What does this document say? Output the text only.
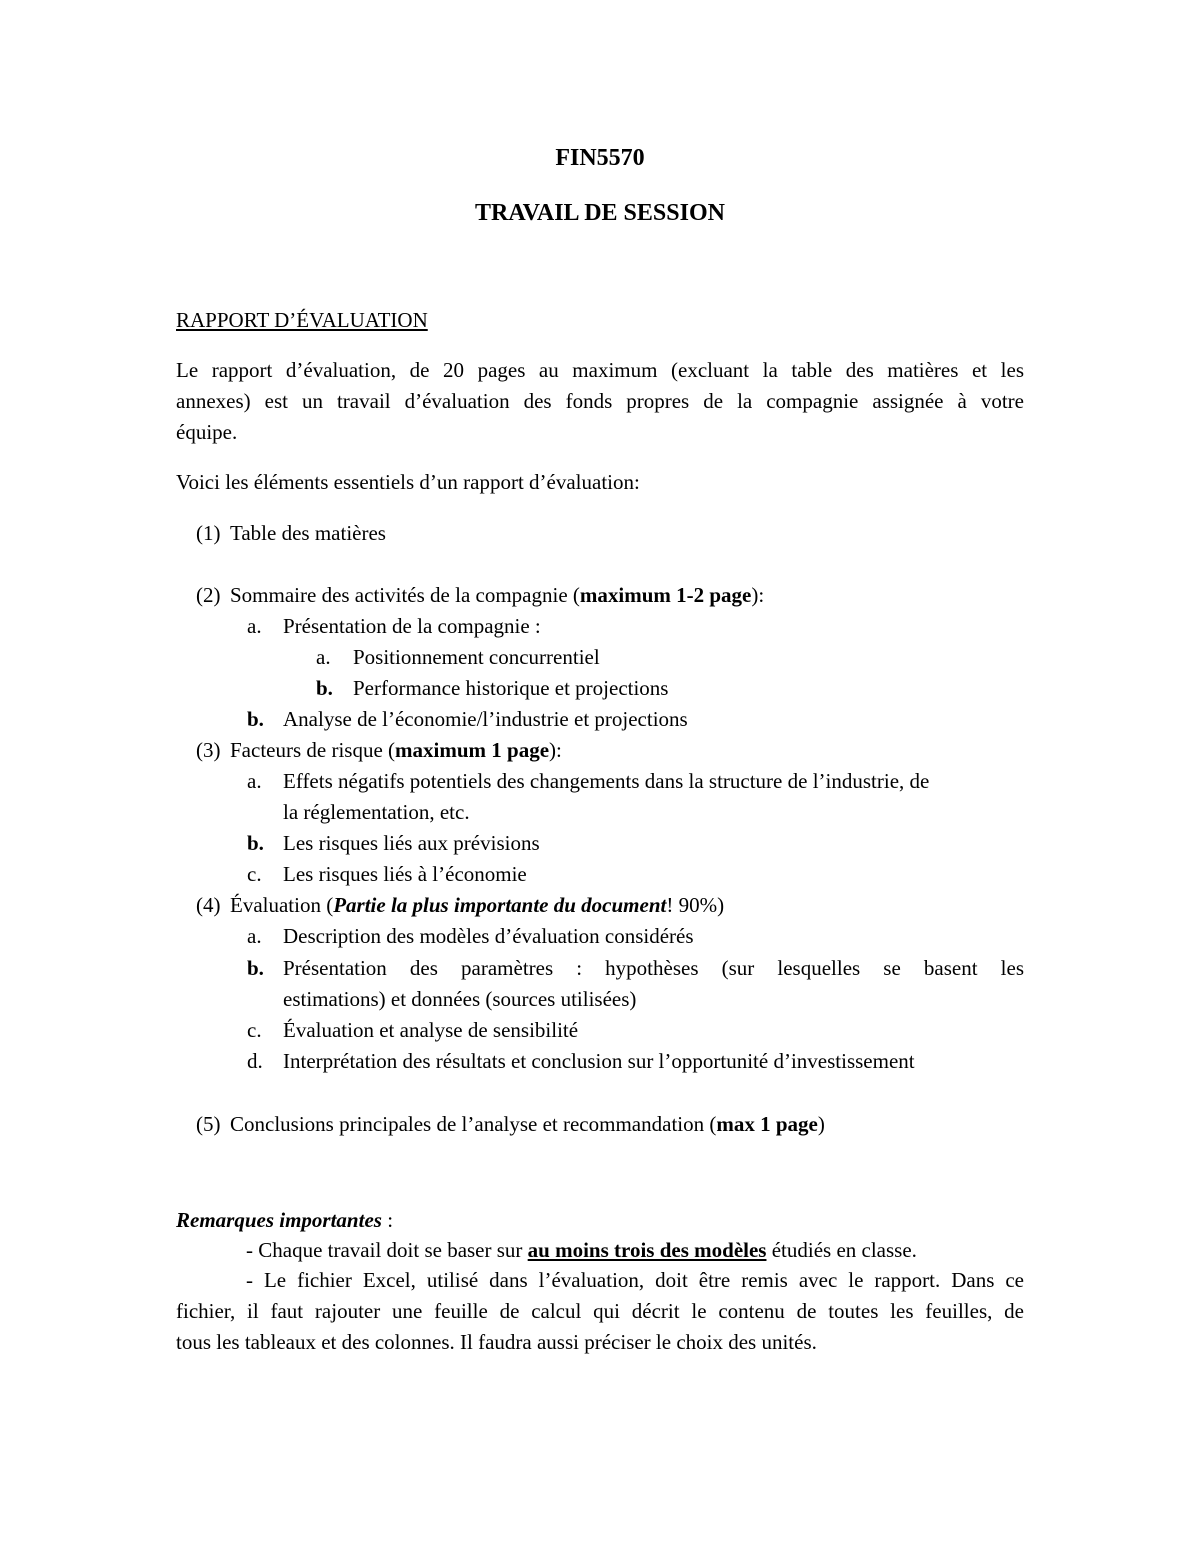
FIN5570
TRAVAIL DE SESSION
RAPPORT D’ÉVALUATION
Le rapport d’évaluation, de 20 pages au maximum (excluant la table des matières et les
annexes) est un travail d’évaluation des fonds propres de la compagnie assignée à votre
équipe.
Voici les éléments essentiels d’un rapport d’évaluation:
(1) Table des matières
(2) Sommaire des activités de la compagnie (maximum 1-2 page):
a. Présentation de la compagnie :
a. Positionnement concurrentiel
b. Performance historique et projections
b. Analyse de l’économie/l’industrie et projections
(3) Facteurs de risque (maximum 1 page):
a. Effets négatifs potentiels des changements dans la structure de l’industrie, de
la réglementation, etc.
b. Les risques liés aux prévisions
c. Les risques liés à l’économie
(4) Évaluation (Partie la plus importante du document! 90%)
a. Description des modèles d’évaluation considérés
b. Présentation des paramètres : hypothèses (sur lesquelles se basent les
estimations) et données (sources utilisées)
c. Évaluation et analyse de sensibilité
d. Interprétation des résultats et conclusion sur l’opportunité d’investissement
(5) Conclusions principales de l’analyse et recommandation (max 1 page)
Remarques importantes :
- Chaque travail doit se baser sur au moins trois des modèles étudiés en classe.
- Le fichier Excel, utilisé dans l’évaluation, doit être remis avec le rapport. Dans ce
fichier, il faut rajouter une feuille de calcul qui décrit le contenu de toutes les feuilles, de
tous les tableaux et des colonnes. Il faudra aussi préciser le choix des unités.
